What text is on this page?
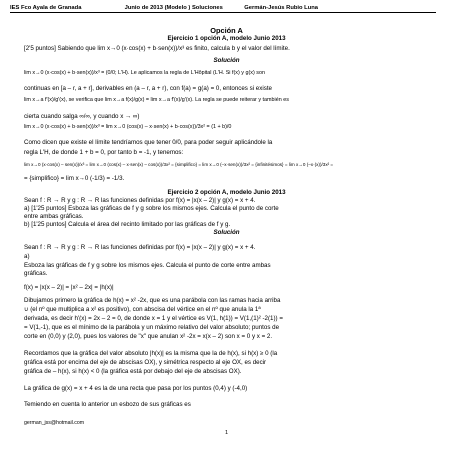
IES Fco Ayala de Granada	Junio de 2013 (Modelo ) Soluciones	Germán-Jesús Rubio Luna
Opción A
Ejercicio 1 opción A, modelo Junio 2013
[2'5 puntos] Sabiendo que lim x→0 (x·cos(x) + b·sen(x))/x³ es finito, calcula b y el valor del límite.
Solución
lim x→0 (x·cos(x) + b·sen(x))/x³ = (0/0; L'H). Le aplicamos la regla de L'Hôpital (L'H. Si f(x) y g(x) son
continuas en [a – r, a + r], derivables en (a – r, a + r), con f(a) = g(a) = 0, entonces si existe
lim x→a f'(x)/g'(x), se verifica que lim x→a f(x)/g(x) = lim x→a f'(x)/g'(x). La regla se puede reiterar y también es
cierta cuando salga ∞/∞, y cuando x → ∞)
lim x→0 (x·cos(x) + b·sen(x))/x³ = lim x→0 (cos(x) – x·sen(x) + b·cos(x))/3x² = (1 + b)/0
Como dicen que existe el límite tendríamos que tener 0/0, para poder seguir aplicándole la
regla L'H, de donde 1 + b = 0, por tanto b = -1, y tenemos:
lim x→0 (x·cos(x) – sen(x))/x³ = lim x→0 (cos(x) – x·sen(x) – cos(x))/3x² = {simplifico} = lim x→0 (–x·sen(x))/3x² = {infinitésimos} = lim x→0 (–x·(x))/3x² =
= {simplifico} = lim x→0 (-1/3) = -1/3.
Ejercicio 2 opción A, modelo Junio 2013
Sean f : R → R y g : R → R las funciones definidas por f(x) = |x(x – 2)| y g(x) = x + 4.
a) [1'25 puntos] Esboza las gráficas de f y g sobre los mismos ejes. Calcula el punto de corte
entre ambas gráficas.
b) [1'25 puntos] Calcula el área del recinto limitado por las gráficas de f y g.
Solución
Sean f : R → R y g : R → R las funciones definidas por f(x) = |x(x – 2)| y g(x) = x + 4.
a)
Esboza las gráficas de f y g sobre los mismos ejes. Calcula el punto de corte entre ambas
gráficas.
f(x) = |x(x – 2)| = |x² – 2x| = |h(x)|
Dibujamos primero la gráfica de h(x) = x² -2x, que es una parábola con las ramas hacia arriba
∪ (el nº que multiplica a x² es positivo), con abscisa del vértice en el nº que anula la 1ª
derivada, es decir h'(x) = 2x – 2 = 0, de donde x = 1 y el vértice es V(1, h(1)) = V(1,(1)² -2(1)) =
= V(1,-1), que es el mínimo de la parábola y un máximo relativo del valor absoluto; puntos de
corte en (0,0) y (2,0), pues los valores de "x" que anulan x² -2x = x(x – 2) son x = 0 y x = 2.
Recordamos que la gráfica del valor absoluto |h(x)| es la misma que la de h(x), si h(x) ≥ 0 (la
gráfica está por encima del eje de abscisas OX), y simétrica respecto al eje OX, es decir
gráfica de – h(x), si h(x) < 0 (la gráfica está por debajo del eje de abscisas OX).
La gráfica de g(x) = x + 4 es la de una recta que pasa por los puntos (0,4) y (-4,0)
Temiendo en cuenta lo anterior un esbozo de sus gráficas es
german_jss@hotmail.com
1
